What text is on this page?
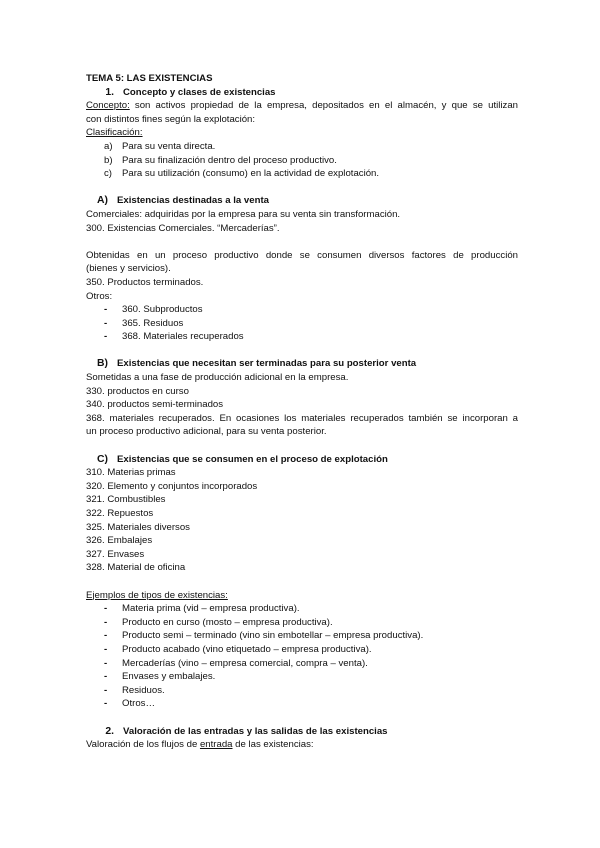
TEMA 5: LAS EXISTENCIAS
1. Concepto y clases de existencias
Concepto: son activos propiedad de la empresa, depositados en el almacén, y que se utilizan
con distintos fines según la explotación:
Clasificación:
a) Para su venta directa.
b) Para su finalización dentro del proceso productivo.
c)	Para su utilización (consumo) en la actividad de explotación.
A) Existencias destinadas a la venta
Comerciales: adquiridas por la empresa para su venta sin transformación.
300. Existencias Comerciales. “Mercaderías”.
Obtenidas en un proceso productivo donde se consumen diversos factores de producción
(bienes y servicios).
350. Productos terminados.
Otros:
-	360. Subproductos
-	365. Residuos
-	368. Materiales recuperados
B) Existencias que necesitan ser terminadas para su posterior venta
Sometidas a una fase de producción adicional en la empresa.
330. productos en curso
340. productos semi-terminados
368. materiales recuperados. En ocasiones los materiales recuperados también se incorporan a
un proceso productivo adicional, para su venta posterior.
C) Existencias que se consumen en el proceso de explotación
310. Materias primas
320. Elemento y conjuntos incorporados
321. Combustibles
322. Repuestos
325. Materiales diversos
326. Embalajes
327. Envases
328. Material de oficina
Ejemplos de tipos de existencias:
-	Materia prima (vid – empresa productiva).
-	Producto en curso (mosto – empresa productiva).
-	Producto semi – terminado (vino sin embotellar – empresa productiva).
-	Producto acabado (vino etiquetado – empresa productiva).
-	Mercaderías (vino – empresa comercial, compra – venta).
-	Envases y embalajes.
-	Residuos.
-	Otros…
2. Valoración de las entradas y las salidas de las existencias
Valoración de los flujos de entrada de las existencias:
